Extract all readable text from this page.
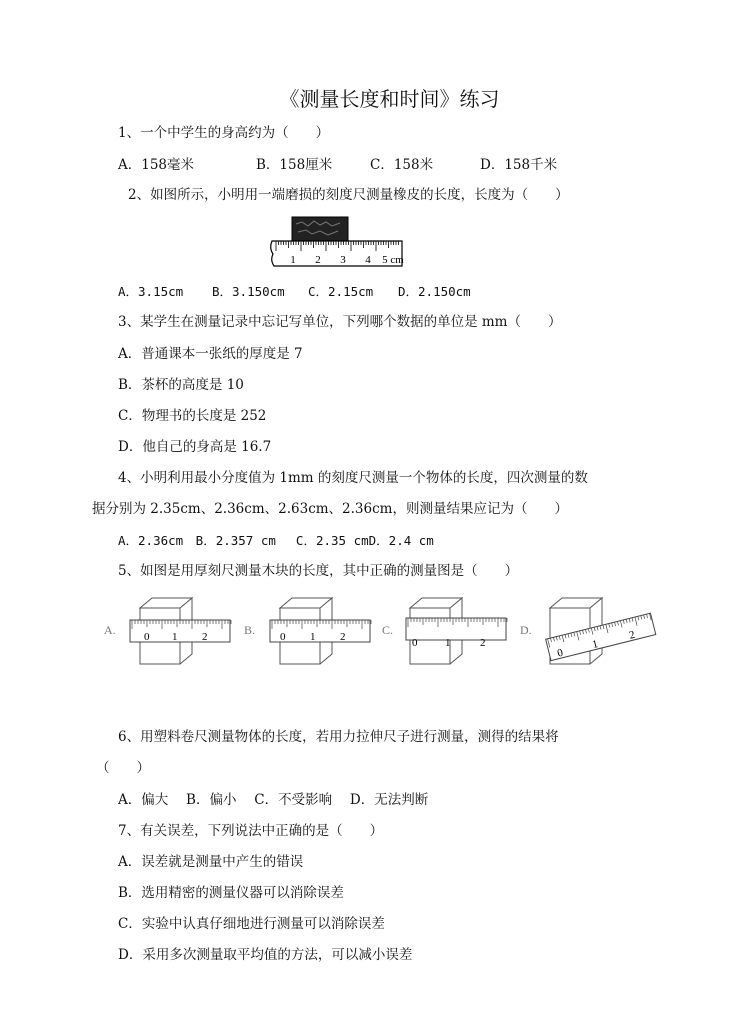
《测量长度和时间》练习
1、一个中学生的身高约为（　　）
A．158毫米	B．158厘米	C．158米	D．158千米
2、如图所示，小明用一端磨损的刻度尺测量橡皮的长度，长度为（　　）
1 2 3 4 5 cm
A．3.15cm B．3.150cm C．2.15cm D．2.150cm
3、某学生在测量记录中忘记写单位，下列哪个数据的单位是 mm（　　）
A．普通课本一张纸的厚度是 7
B．茶杯的高度是 10
C．物理书的长度是 252
D．他自己的身高是 16.7
4、小明利用最小分度值为 1mm 的刻度尺测量一个物体的长度，四次测量的数
据分别为 2.35cm、2.36cm、2.63cm、2.36cm，则测量结果应记为（　　）
A．2.36cm　B．2.357 cm　 C．2.35 cmD．2.4 cm
5、如图是用厚刻尺测量木块的长度，其中正确的测量图是（　　）
A.	0 1 2	B. 0 1 2	C.
0	1	2
D.
0
1
2
6、用塑料卷尺测量物体的长度，若用力拉伸尺子进行测量，测得的结果将
（　　）
A．偏大　 B．偏小　 C．不受影响　 D．无法判断
7、有关误差，下列说法中正确的是（　　）
A．误差就是测量中产生的错误
B．选用精密的测量仪器可以消除误差
C．实验中认真仔细地进行测量可以消除误差
D．采用多次测量取平均值的方法，可以减小误差
